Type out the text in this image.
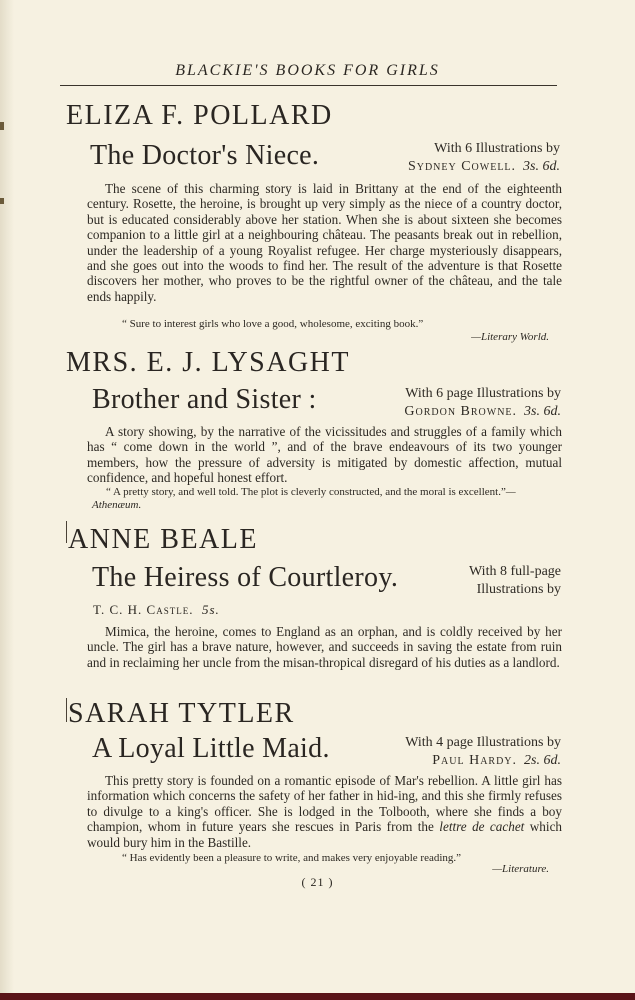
BLACKIE'S BOOKS FOR GIRLS
ELIZA F. POLLARD
The Doctor's Niece.	With 6 Illustrations by
Sydney Cowell. 3s. 6d.

The scene of this charming story is laid in Brittany at the end of the eighteenth century. Rosette, the heroine, is brought up very simply as the niece of a country doctor, but is educated considerably above her station. When she is about sixteen she becomes companion to a little girl at a neighbouring château. The peasants break out in rebellion, under the leadership of a young Royalist refugee. Her charge mysteriously disappears, and she goes out into the woods to find her. The result of the adventure is that Rosette discovers her mother, who proves to be the rightful owner of the château, and the tale ends happily.

“ Sure to interest girls who love a good, wholesome, exciting book.”

—Literary World.
MRS. E. J. LYSAGHT
Brother and Sister :	With 6 page Illustrations by
Gordon Browne. 3s. 6d.

A story showing, by the narrative of the vicissitudes and struggles of a family which has “ come down in the world ”, and of the brave endeavours of its two younger members, how the pressure of adversity is mitigated by domestic affection, mutual confidence, and hopeful honest effort.

“ A pretty story, and well told. The plot is cleverly constructed, and the moral is excellent.”—Athenæum.

ANNE BEALE
The Heiress of Courtleroy.	With 8 full-page
Illustrations by
T. C. H. Castle. 5s.

Mimica, the heroine, comes to England as an orphan, and is coldly received by her uncle. The girl has a brave nature, however, and succeeds in saving the estate from ruin and in reclaiming her uncle from the misan-thropical disregard of his duties as a landlord.

SARAH TYTLER
A Loyal Little Maid.	With 4 page Illustrations by
Paul Hardy. 2s. 6d.

This pretty story is founded on a romantic episode of Mar's rebellion. A little girl has information which concerns the safety of her father in hid-ing, and this she firmly refuses to divulge to a king's officer. She is lodged in the Tolbooth, where she finds a boy champion, whom in future years she rescues in Paris from the lettre de cachet which would bury him in the Bastille.

“ Has evidently been a pleasure to write, and makes very enjoyable reading.”

—Literature.
( 21 )
